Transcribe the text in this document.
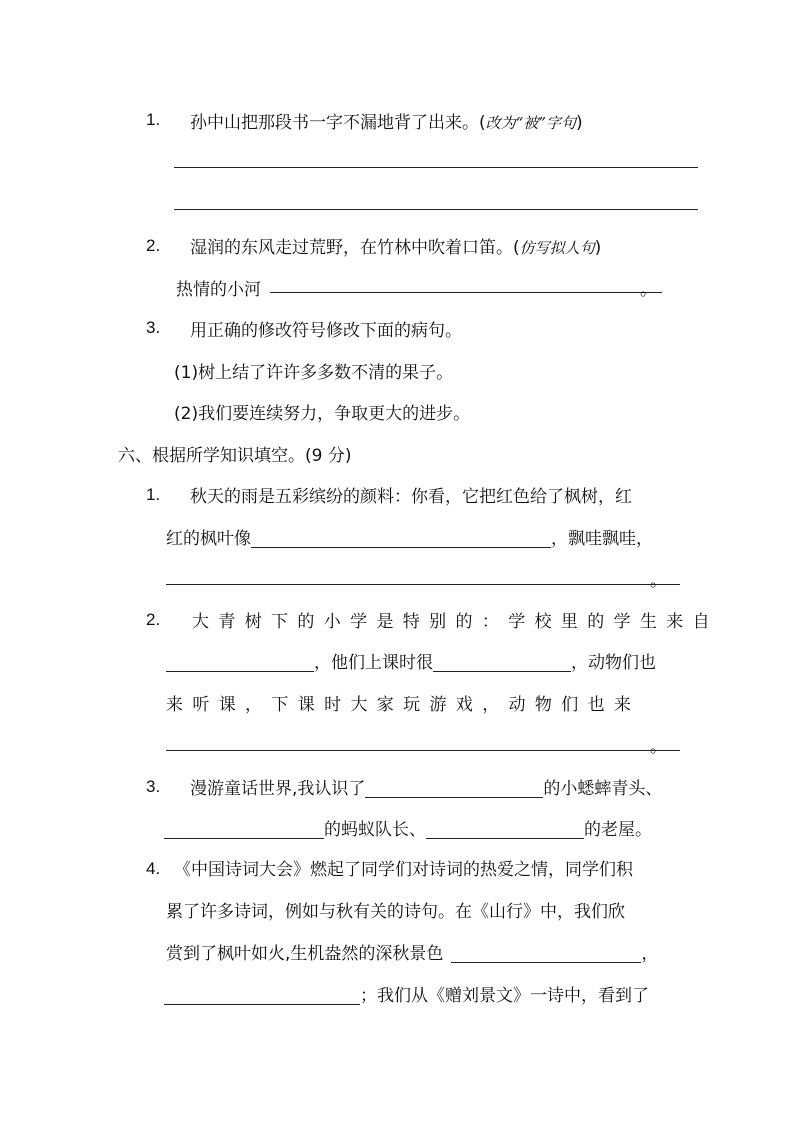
1. 孙中山把那段书一字不漏地背了出来。(改为“被”字句)
2. 湿润的东风走过荒野，在竹林中吹着口笛。(仿写拟人句)
热情的小河	。
3. 用正确的修改符号修改下面的病句。
(1)树上结了许许多多数不清的果子。
(2)我们要连续努力，争取更大的进步。
六、根据所学知识填空。(9 分)
1. 秋天的雨是五彩缤纷的颜料：你看，它把红色给了枫树，红
红的枫叶像	，飘哇飘哇，
。
2. 大青树下的小学是特别的：学校里的学生来自
，他们上课时很	，动物们也
来听课，下课时大家玩游戏，动物们也来
。
3. 漫游童话世界,我认识了	的小蟋蟀青头、
的蚂蚁队长、	的老屋。
4. 《中国诗词大会》燃起了同学们对诗词的热爱之情，同学们积
累了许多诗词，例如与秋有关的诗句。在《山行》中，我们欣
赏到了枫叶如火,生机盎然的深秋景色	，
；我们从《赠刘景文》一诗中，看到了
